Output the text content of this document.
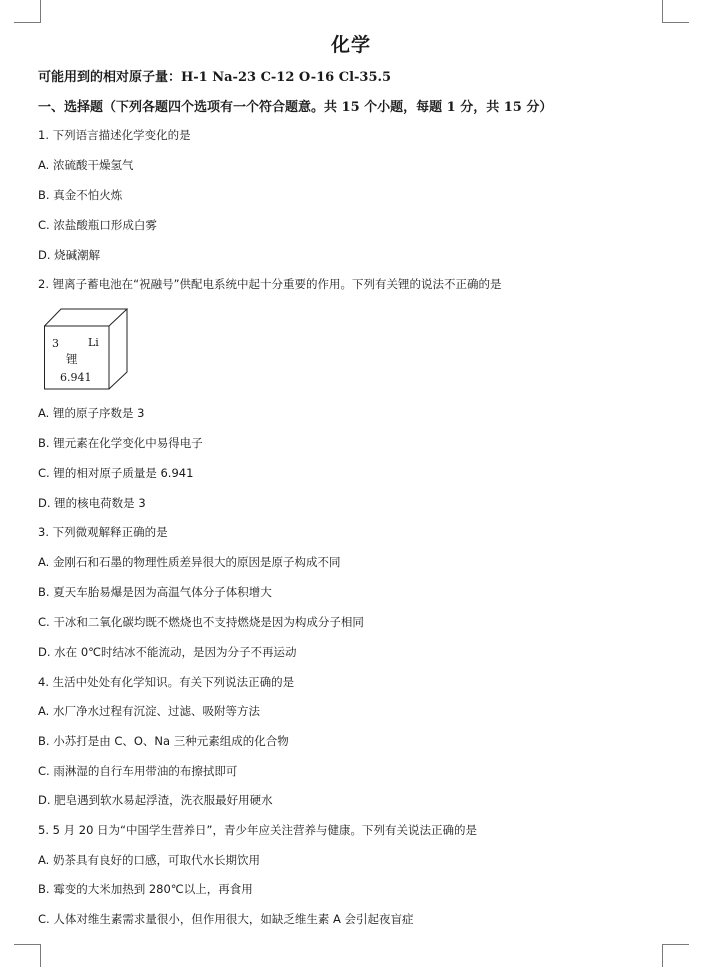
化学
可能用到的相对原子量：H-1 Na-23 C-12 O-16 Cl-35.5
一、选择题（下列各题四个选项有一个符合题意。共 15 个小题，每题 1 分，共 15 分）
1. 下列语言描述化学变化的是
A. 浓硫酸干燥氢气
B. 真金不怕火炼
C. 浓盐酸瓶口形成白雾
D. 烧碱潮解
2. 锂离子蓄电池在“祝融号”供配电系统中起十分重要的作用。下列有关锂的说法不正确的是
3	Li
锂
6.941
A. 锂的原子序数是 3
B. 锂元素在化学变化中易得电子
C. 锂的相对原子质量是 6.941
D. 锂的核电荷数是 3
3. 下列微观解释正确的是
A. 金刚石和石墨的物理性质差异很大的原因是原子构成不同
B. 夏天车胎易爆是因为高温气体分子体积增大
C. 干冰和二氧化碳均既不燃烧也不支持燃烧是因为构成分子相同
D. 水在 0℃时结冰不能流动，是因为分子不再运动
4. 生活中处处有化学知识。有关下列说法正确的是
A. 水厂净水过程有沉淀、过滤、吸附等方法
B. 小苏打是由 C、O、Na 三种元素组成的化合物
C. 雨淋湿的自行车用带油的布擦拭即可
D. 肥皂遇到软水易起浮渣，洗衣服最好用硬水
5. 5 月 20 日为“中国学生营养日”，青少年应关注营养与健康。下列有关说法正确的是
A. 奶茶具有良好的口感，可取代水长期饮用
B. 霉变的大米加热到 280℃以上，再食用
C. 人体对维生素需求量很小，但作用很大，如缺乏维生素 A 会引起夜盲症
